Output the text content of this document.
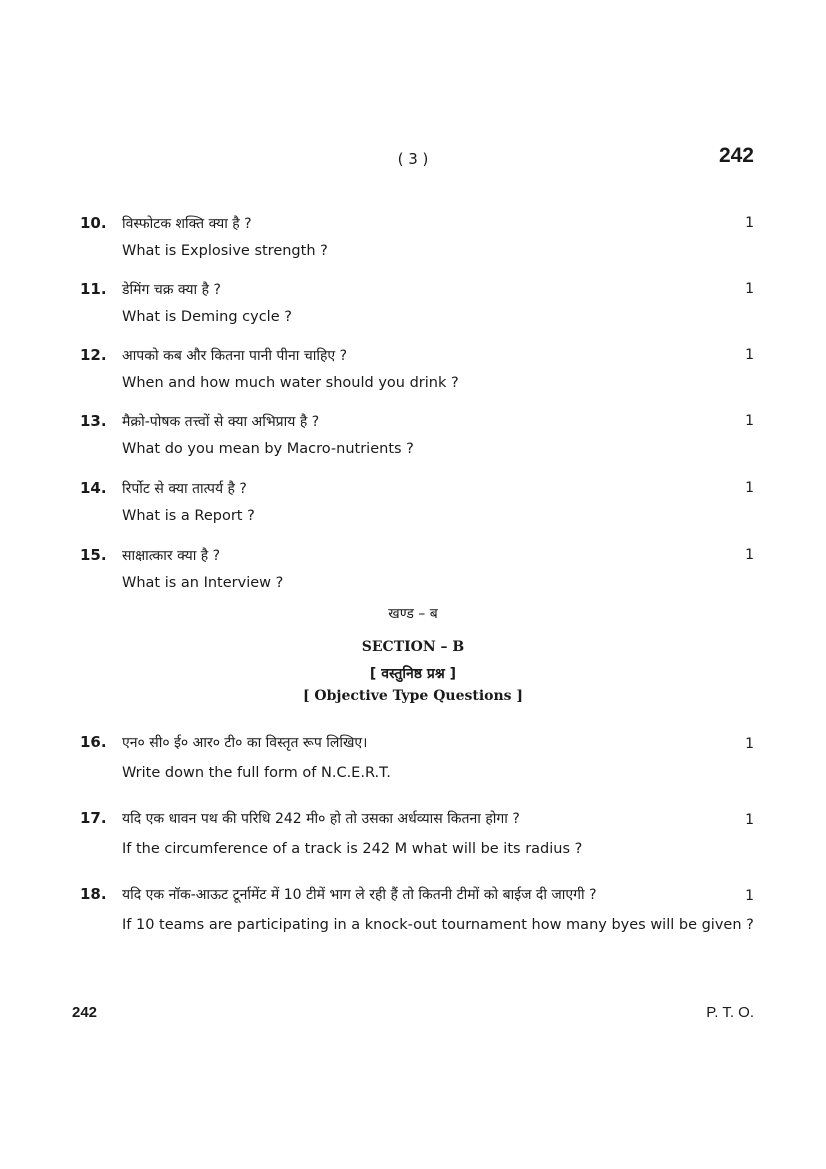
( 3 )	242
10. विस्फोटक शक्ति क्या है ?	1
What is Explosive strength ?
11. डेमिंग चक्र क्या है ?	1
What is Deming cycle ?
12. आपको कब और कितना पानी पीना चाहिए ?	1
When and how much water should you drink ?
13. मैक्रो-पोषक तत्त्वों से क्या अभिप्राय है ?	1
What do you mean by Macro-nutrients ?
14. रिर्पोट से क्या तात्पर्य है ?	1
What is a Report ?
15. साक्षात्कार क्या है ?	1
What is an Interview ?
खण्ड – ब
SECTION – B
[ वस्तुनिष्ठ प्रश्न ]
[ Objective Type Questions ]
16. एन० सी० ई० आर० टी० का विस्तृत रूप लिखिए।	1
Write down the full form of N.C.E.R.T.
17. यदि एक धावन पथ की परिधि 242 मी० हो तो उसका अर्धव्यास कितना होगा ?	1
If the circumference of a track is 242 M what will be its radius ?
18. यदि एक नॉक-आऊट टूर्नामेंट में 10 टीमें भाग ले रही हैं तो कितनी टीमों को बाईज दी जाएगी ?	1
If 10 teams are participating in a knock-out tournament how many byes will be given ?
242	P. T. O.
